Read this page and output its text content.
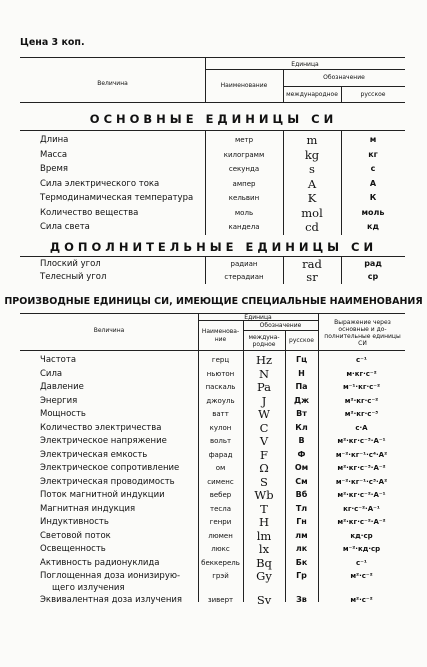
Цена 3 коп.
Величина
Единица
Наименование
Обозначение
международное	русское
ОСНОВНЫЕ ЕДИНИЦЫ СИ
Длина	метр	m	м
Масса	килограмм	kg	кг
Время	секунда	s	с
Сила электрического тока	ампер	A	А
Термодинамическая температура	кельвин	K	К
Количество вещества	моль	mol	моль
Сила света	кандела	cd	кд
ДОПОЛНИТЕЛЬНЫЕ ЕДИНИЦЫ СИ
Плоский угол	радиан	rad	рад
Телесный угол	стерадиан	sr	ср
ПРОИЗВОДНЫЕ ЕДИНИЦЫ СИ, ИМЕЮЩИЕ СПЕЦИАЛЬНЫЕ НАИМЕНОВАНИЯ
Величина
Единица
Наименова-ние
Обозначение
междуна-родное
русское
Выражение через основные и до-полнительные единицы СИ
Частота	герц	Hz	Гц	с⁻¹
Сила	ньютон	N	Н	м·кг·с⁻²
Давление	паскаль	Pa	Па	м⁻¹·кг·с⁻²
Энергия	джоуль	J	Дж	м²·кг·с⁻²
Мощность	ватт	W	Вт	м²·кг·с⁻³
Количество электричества	кулон	C	Кл	с·А
Электрическое напряжение	вольт	V	В	м²·кг·с⁻³·А⁻¹
Электрическая емкость	фарад	F	Ф	м⁻²·кг⁻¹·с⁴·А²
Электрическое сопротивление	ом	Ω	Ом	м²·кг·с⁻³·А⁻²
Электрическая проводимость	сименс	S	См	м⁻²·кг⁻¹·с³·А²
Поток магнитной индукции	вебер	Wb	Вб	м²·кг·с⁻²·А⁻¹
Магнитная индукция	тесла	T	Тл	кг·с⁻²·А⁻¹
Индуктивность	генри	H	Гн	м²·кг·с⁻²·А⁻²
Световой поток	люмен	lm	лм	кд·ср
Освещенность	люкс	lx	лк	м⁻²·кд·ср
Активность радионуклида	беккерель	Bq	Бк	с⁻¹
Поглощенная доза ионизирую-
щего излучения
грэй	Gy	Гр	м²·с⁻²
Эквивалентная доза излучения	зиверт	Sv	Зв	м²·с⁻²
